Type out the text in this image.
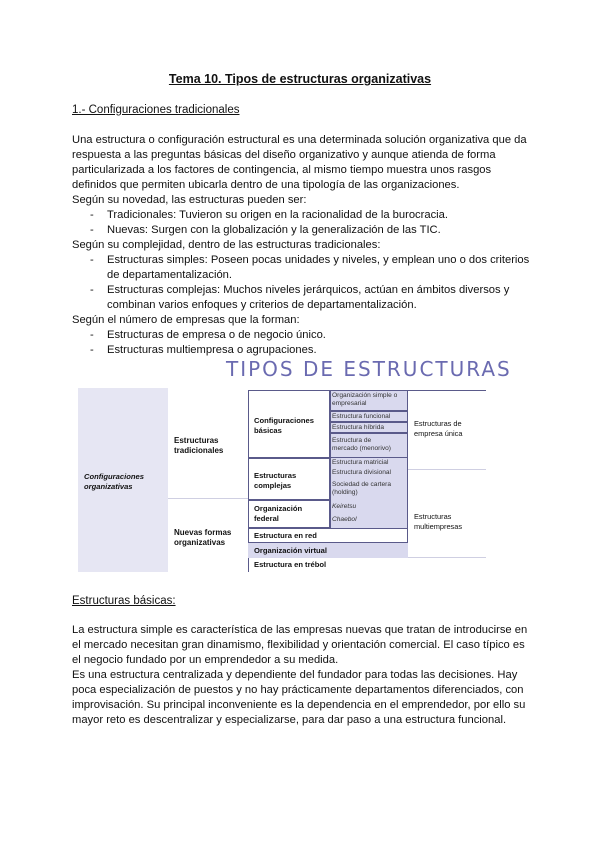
Tema 10. Tipos de estructuras organizativas
1.- Configuraciones tradicionales
Una estructura o configuración estructural es una determinada solución organizativa que da
respuesta a las preguntas básicas del diseño organizativo y aunque atienda de forma
particularizada a los factores de contingencia, al mismo tiempo muestra unos rasgos
definidos que permiten ubicarla dentro de una tipología de las organizaciones.
Según su novedad, las estructuras pueden ser:
- Tradicionales: Tuvieron su origen en la racionalidad de la burocracia.
- Nuevas: Surgen con la globalización y la generalización de las TIC.
Según su complejidad, dentro de las estructuras tradicionales:
- Estructuras simples: Poseen pocas unidades y niveles, y emplean uno o dos criterios
de departamentalización.
- Estructuras complejas: Muchos niveles jerárquicos, actúan en ámbitos diversos y
combinan varios enfoques y criterios de departamentalización.
Según el número de empresas que la forman:
- Estructuras de empresa o de negocio único.
- Estructuras multiempresa o agrupaciones.
TIPOS DE ESTRUCTURAS
Configuraciones
organizativas
Estructuras
tradicionales
Nuevas formas
organizativas
Configuraciones
básicas
Estructuras
complejas
Organización
federal
Estructura en red
Organización virtual
Estructura en trébol
Organización simple o
empresarial
Estructura funcional
Estructura híbrida
Estructura de
mercado (menorivo)
Estructura matricial
Estructura divisional
Sociedad de cartera
(holding)
Keiretsu
Chaebol
Estructuras de
empresa única
Estructuras
multiempresas
Estructuras básicas:
La estructura simple es característica de las empresas nuevas que tratan de introducirse en
el mercado necesitan gran dinamismo, flexibilidad y orientación comercial. El caso típico es
el negocio fundado por un emprendedor a su medida.
Es una estructura centralizada y dependiente del fundador para todas las decisiones. Hay
poca especialización de puestos y no hay prácticamente departamentos diferenciados, con
improvisación. Su principal inconveniente es la dependencia en el emprendedor, por ello su
mayor reto es descentralizar y especializarse, para dar paso a una estructura funcional.
